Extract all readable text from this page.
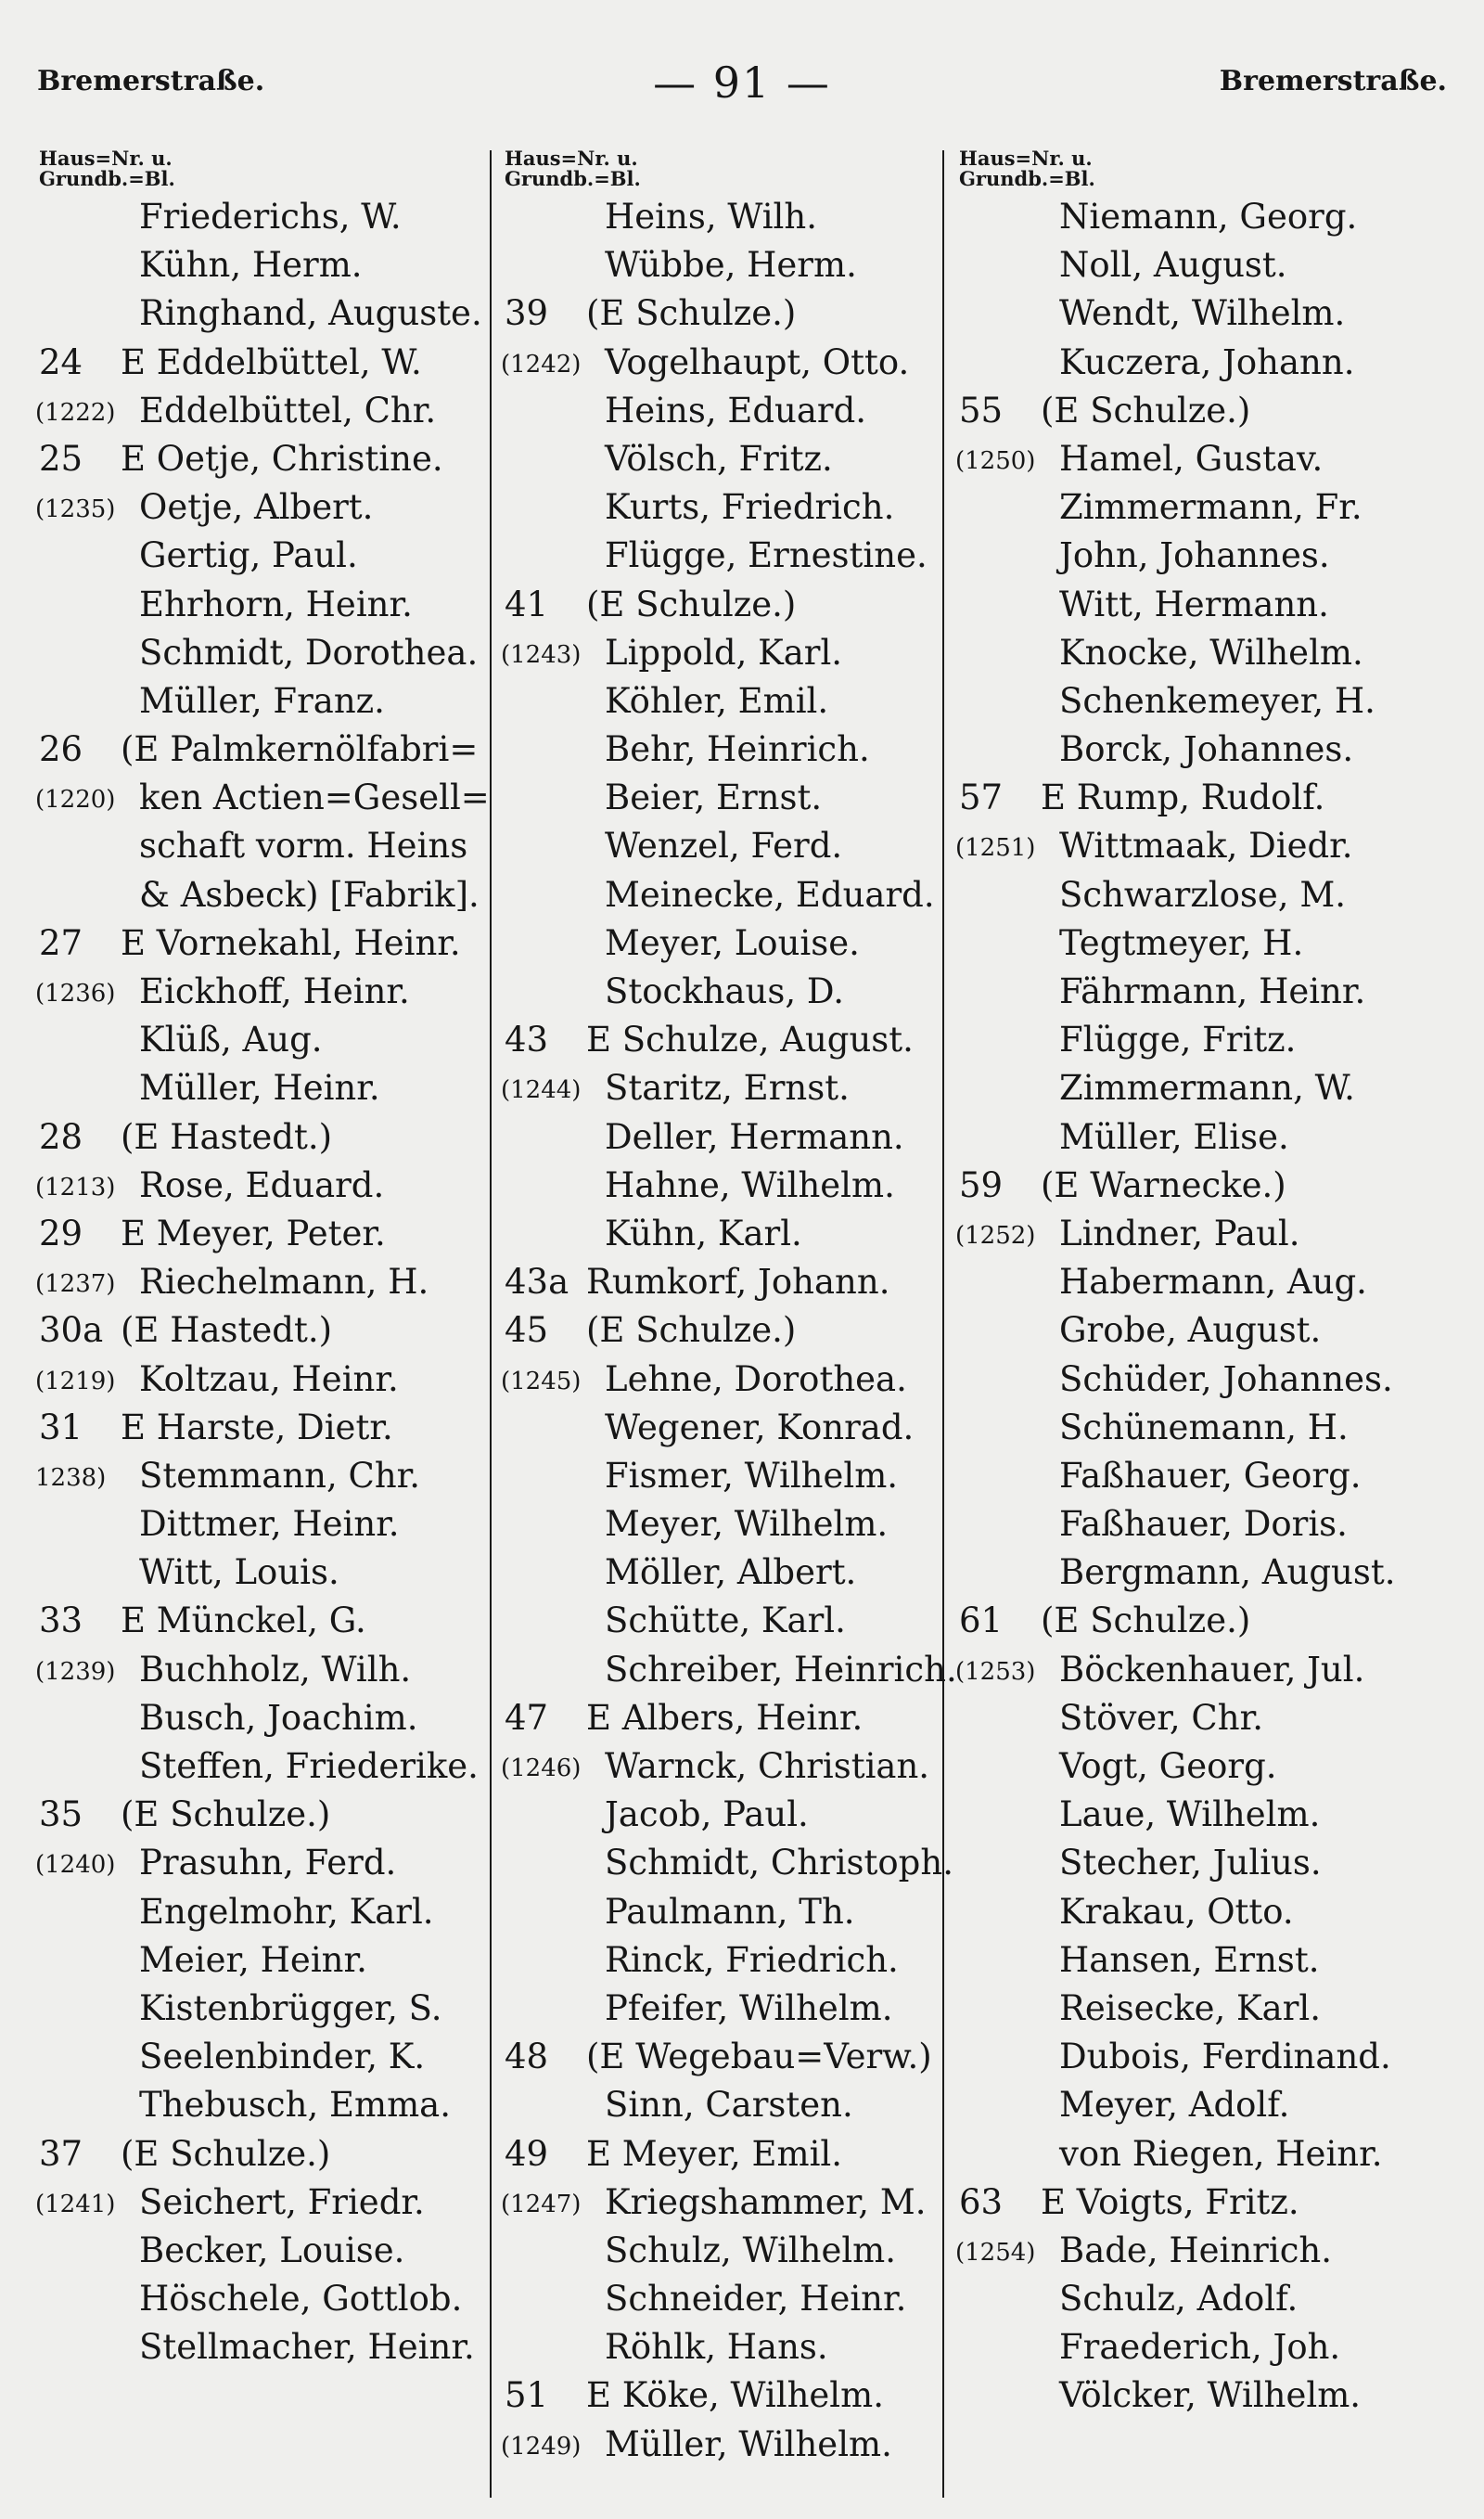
Bremerstraße.	— 91 —	Bremerstraße.
Haus=Nr. u.
Grundb.=Bl.
Friederichs, W.
Kühn, Herm.
Ringhand, Auguste.
24 E Eddelbüttel, W.
(1222) Eddelbüttel, Chr.
25 E Oetje, Christine.
(1235) Oetje, Albert.
Gertig, Paul.
Ehrhorn, Heinr.
Schmidt, Dorothea.
Müller, Franz.
26 (E Palmkernölfabri=
(1220) ken Actien=Gesell=
schaft vorm. Heins
& Asbeck) [Fabrik].
27 E Vornekahl, Heinr.
(1236) Eickhoff, Heinr.
Klüß, Aug.
Müller, Heinr.
28 (E Hastedt.)
(1213) Rose, Eduard.
29 E Meyer, Peter.
(1237) Riechelmann, H.
30a (E Hastedt.)
(1219) Koltzau, Heinr.
31 E Harste, Dietr.
1238) Stemmann, Chr.
Dittmer, Heinr.
Witt, Louis.
33 E Münckel, G.
(1239) Buchholz, Wilh.
Busch, Joachim.
Steffen, Friederike.
35 (E Schulze.)
(1240) Prasuhn, Ferd.
Engelmohr, Karl.
Meier, Heinr.
Kistenbrügger, S.
Seelenbinder, K.
Thebusch, Emma.
37 (E Schulze.)
(1241) Seichert, Friedr.
Becker, Louise.
Höschele, Gottlob.
Stellmacher, Heinr.
Haus=Nr. u.
Grundb.=Bl.
Heins, Wilh.
Wübbe, Herm.
39 (E Schulze.)
(1242) Vogelhaupt, Otto.
Heins, Eduard.
Völsch, Fritz.
Kurts, Friedrich.
Flügge, Ernestine.
41 (E Schulze.)
(1243) Lippold, Karl.
Köhler, Emil.
Behr, Heinrich.
Beier, Ernst.
Wenzel, Ferd.
Meinecke, Eduard.
Meyer, Louise.
Stockhaus, D.
43 E Schulze, August.
(1244) Staritz, Ernst.
Deller, Hermann.
Hahne, Wilhelm.
Kühn, Karl.
43a Rumkorf, Johann.
45 (E Schulze.)
(1245) Lehne, Dorothea.
Wegener, Konrad.
Fismer, Wilhelm.
Meyer, Wilhelm.
Möller, Albert.
Schütte, Karl.
Schreiber, Heinrich.
47 E Albers, Heinr.
(1246) Warnck, Christian.
Jacob, Paul.
Schmidt, Christoph.
Paulmann, Th.
Rinck, Friedrich.
Pfeifer, Wilhelm.
48 (E Wegebau=Verw.)
Sinn, Carsten.
49 E Meyer, Emil.
(1247) Kriegshammer, M.
Schulz, Wilhelm.
Schneider, Heinr.
Röhlk, Hans.
51 E Köke, Wilhelm.
(1249) Müller, Wilhelm.
Haus=Nr. u.
Grundb.=Bl.
Niemann, Georg.
Noll, August.
Wendt, Wilhelm.
Kuczera, Johann.
55 (E Schulze.)
(1250) Hamel, Gustav.
Zimmermann, Fr.
John, Johannes.
Witt, Hermann.
Knocke, Wilhelm.
Schenkemeyer, H.
Borck, Johannes.
57 E Rump, Rudolf.
(1251) Wittmaak, Diedr.
Schwarzlose, M.
Tegtmeyer, H.
Fährmann, Heinr.
Flügge, Fritz.
Zimmermann, W.
Müller, Elise.
59 (E Warnecke.)
(1252) Lindner, Paul.
Habermann, Aug.
Grobe, August.
Schüder, Johannes.
Schünemann, H.
Faßhauer, Georg.
Faßhauer, Doris.
Bergmann, August.
61 (E Schulze.)
(1253) Böckenhauer, Jul.
Stöver, Chr.
Vogt, Georg.
Laue, Wilhelm.
Stecher, Julius.
Krakau, Otto.
Hansen, Ernst.
Reisecke, Karl.
Dubois, Ferdinand.
Meyer, Adolf.
von Riegen, Heinr.
63 E Voigts, Fritz.
(1254) Bade, Heinrich.
Schulz, Adolf.
Fraederich, Joh.
Völcker, Wilhelm.
